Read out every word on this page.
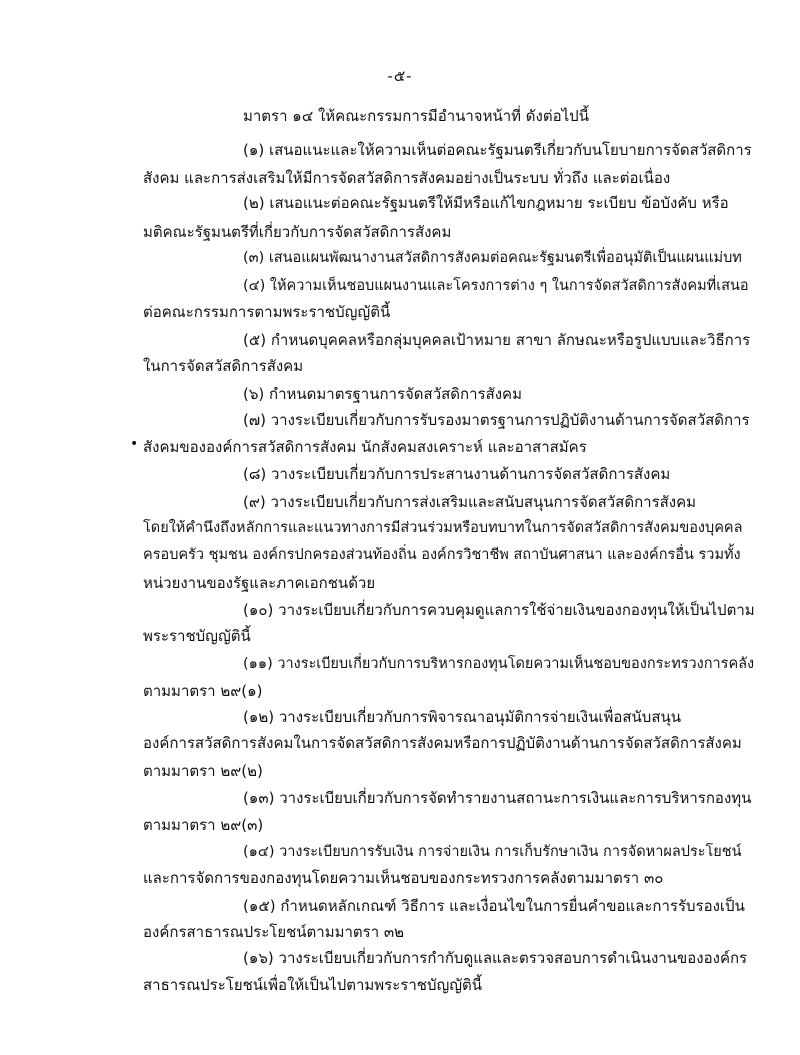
-๕-
•
มาตรา ๑๔ ให้คณะกรรมการมีอำนาจหน้าที่ ดังต่อไปนี้
(๑) เสนอแนะและให้ความเห็นต่อคณะรัฐมนตรีเกี่ยวกับนโยบายการจัดสวัสดิการ
สังคม และการส่งเสริมให้มีการจัดสวัสดิการสังคมอย่างเป็นระบบ ทั่วถึง และต่อเนื่อง
(๒) เสนอแนะต่อคณะรัฐมนตรีให้มีหรือแก้ไขกฎหมาย ระเบียบ ข้อบังคับ หรือ
มติคณะรัฐมนตรีที่เกี่ยวกับการจัดสวัสดิการสังคม
(๓) เสนอแผนพัฒนางานสวัสดิการสังคมต่อคณะรัฐมนตรีเพื่ออนุมัติเป็นแผนแม่บท
(๔) ให้ความเห็นชอบแผนงานและโครงการต่าง ๆ ในการจัดสวัสดิการสังคมที่เสนอ
ต่อคณะกรรมการตามพระราชบัญญัตินี้
(๕) กำหนดบุคคลหรือกลุ่มบุคคลเป้าหมาย สาขา ลักษณะหรือรูปแบบและวิธีการ
ในการจัดสวัสดิการสังคม
(๖) กำหนดมาตรฐานการจัดสวัสดิการสังคม
(๗) วางระเบียบเกี่ยวกับการรับรองมาตรฐานการปฏิบัติงานด้านการจัดสวัสดิการ
สังคมขององค์การสวัสดิการสังคม นักสังคมสงเคราะห์ และอาสาสมัคร
(๘) วางระเบียบเกี่ยวกับการประสานงานด้านการจัดสวัสดิการสังคม
(๙) วางระเบียบเกี่ยวกับการส่งเสริมและสนับสนุนการจัดสวัสดิการสังคม
โดยให้คำนึงถึงหลักการและแนวทางการมีส่วนร่วมหรือบทบาทในการจัดสวัสดิการสังคมของบุคคล
ครอบครัว ชุมชน องค์กรปกครองส่วนท้องถิ่น องค์กรวิชาชีพ สถาบันศาสนา และองค์กรอื่น รวมทั้ง
หน่วยงานของรัฐและภาคเอกชนด้วย
(๑๐) วางระเบียบเกี่ยวกับการควบคุมดูแลการใช้จ่ายเงินของกองทุนให้เป็นไปตาม
พระราชบัญญัตินี้
(๑๑) วางระเบียบเกี่ยวกับการบริหารกองทุนโดยความเห็นชอบของกระทรวงการคลัง
ตามมาตรา ๒๙(๑)
(๑๒) วางระเบียบเกี่ยวกับการพิจารณาอนุมัติการจ่ายเงินเพื่อสนับสนุน
องค์การสวัสดิการสังคมในการจัดสวัสดิการสังคมหรือการปฏิบัติงานด้านการจัดสวัสดิการสังคม
ตามมาตรา ๒๙(๒)
(๑๓) วางระเบียบเกี่ยวกับการจัดทำรายงานสถานะการเงินและการบริหารกองทุน
ตามมาตรา ๒๙(๓)
(๑๔) วางระเบียบการรับเงิน การจ่ายเงิน การเก็บรักษาเงิน การจัดหาผลประโยชน์
และการจัดการของกองทุนโดยความเห็นชอบของกระทรวงการคลังตามมาตรา ๓๐
(๑๕) กำหนดหลักเกณฑ์ วิธีการ และเงื่อนไขในการยื่นคำขอและการรับรองเป็น
องค์กรสาธารณประโยชน์ตามมาตรา ๓๒
(๑๖) วางระเบียบเกี่ยวกับการกำกับดูแลและตรวจสอบการดำเนินงานขององค์กร
สาธารณประโยชน์เพื่อให้เป็นไปตามพระราชบัญญัตินี้
